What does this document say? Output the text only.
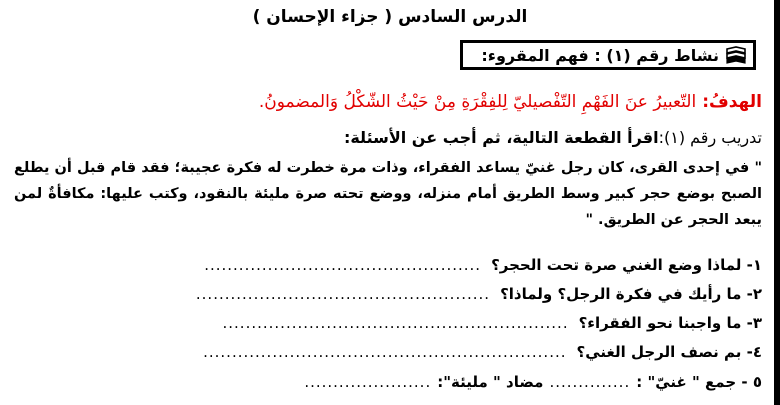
الدرس السادس ( جزاء الإحسان )
نشاط رقم (١) : فهم المقروء:
الهدفُ:التّعبيرُ عنَ الفَهْمِ التّفْصيليّ لِلفِقْرَةِ مِنْ حَيْثُ الشّكْلُ وَالمضمونُ.
تدريب رقم (١):اقرأ القطعة التالية، ثم أجب عن الأسئلة:
" في إحدى القرى، كان رجل غنيّ يساعد الفقراء، وذات مرة خطرت له فكرة عجيبة؛ فقد قام قبل أن يطلع الصبح بوضع حجر كبير وسط الطريق أمام منزله، ووضع تحته صرة مليئة بالنقود، وكتب عليها: مكافأةٌ لمن يبعد الحجر عن الطريق. "
١- لماذا وضع الغني صرة تحت الحجر؟
................................................
٢- ما رأيك في فكرة الرجل؟ ولماذا؟
...................................................
٣- ما واجبنا نحو الفقراء؟
............................................................
٤- بم نصف الرجل الغني؟
...............................................................
٥ - جمع " غنيّ" :
..............
مضاد " مليئة":
......................
